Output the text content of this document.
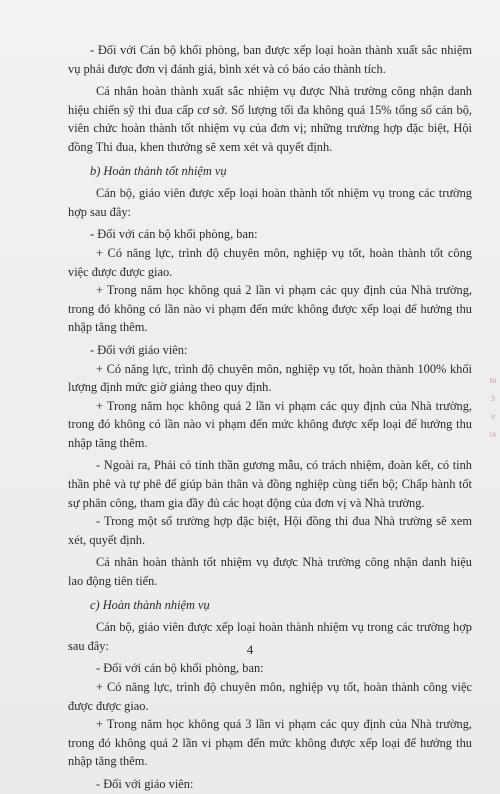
- Đối với Cán bộ khối phòng, ban được xếp loại hoàn thành xuất sắc nhiệm vụ phải được đơn vị đánh giá, bình xét và có báo cáo thành tích.

Cá nhân hoàn thành xuất sắc nhiệm vụ được Nhà trường công nhận danh hiệu chiến sỹ thi đua cấp cơ sở. Số lượng tối đa không quá 15% tổng số cán bộ, viên chức hoàn thành tốt nhiệm vụ của đơn vị; những trường hợp đặc biệt, Hội đồng Thi đua, khen thưởng sẽ xem xét và quyết định.

b) Hoàn thành tốt nhiệm vụ

Cán bộ, giáo viên được xếp loại hoàn thành tốt nhiệm vụ trong các trường hợp sau đây:

- Đối với cán bộ khối phòng, ban:

+ Có năng lực, trình độ chuyên môn, nghiệp vụ tốt, hoàn thành tốt công việc được được giao.

+ Trong năm học không quá 2 lần vi phạm các quy định của Nhà trường, trong đó không có lần nào vi phạm đến mức không được xếp loại để hưởng thu nhập tăng thêm.

- Đối với giáo viên:

+ Có năng lực, trình độ chuyên môn, nghiệp vụ tốt, hoàn thành 100% khối lượng định mức giờ giảng theo quy định.

+ Trong năm học không quá 2 lần vi phạm các quy định của Nhà trường, trong đó không có lần nào vi phạm đến mức không được xếp loại để hưởng thu nhập tăng thêm.

- Ngoài ra, Phải có tinh thần gương mẫu, có trách nhiệm, đoàn kết, có tinh thần phê và tự phê để giúp bản thân và đồng nghiệp cùng tiến bộ; Chấp hành tốt sự phân công, tham gia đầy đủ các hoạt động của đơn vị và Nhà trường.

- Trong một số trường hợp đặc biệt, Hội đồng thi đua Nhà trường sẽ xem xét, quyết định.

Cá nhân hoàn thành tốt nhiệm vụ được Nhà trường công nhận danh hiệu lao động tiên tiến.

c) Hoàn thành nhiệm vụ

Cán bộ, giáo viên được xếp loại hoàn thành nhiệm vụ trong các trường hợp sau đây:

- Đối với cán bộ khối phòng, ban:

+ Có năng lực, trình độ chuyên môn, nghiệp vụ tốt, hoàn thành công việc được được giao.

+ Trong năm học không quá 3 lần vi phạm các quy định của Nhà trường, trong đó không quá 2 lần vi phạm đến mức không được xếp loại để hưởng thu nhập tăng thêm.

- Đối với giáo viên:

4
Ni
3
V
IA
